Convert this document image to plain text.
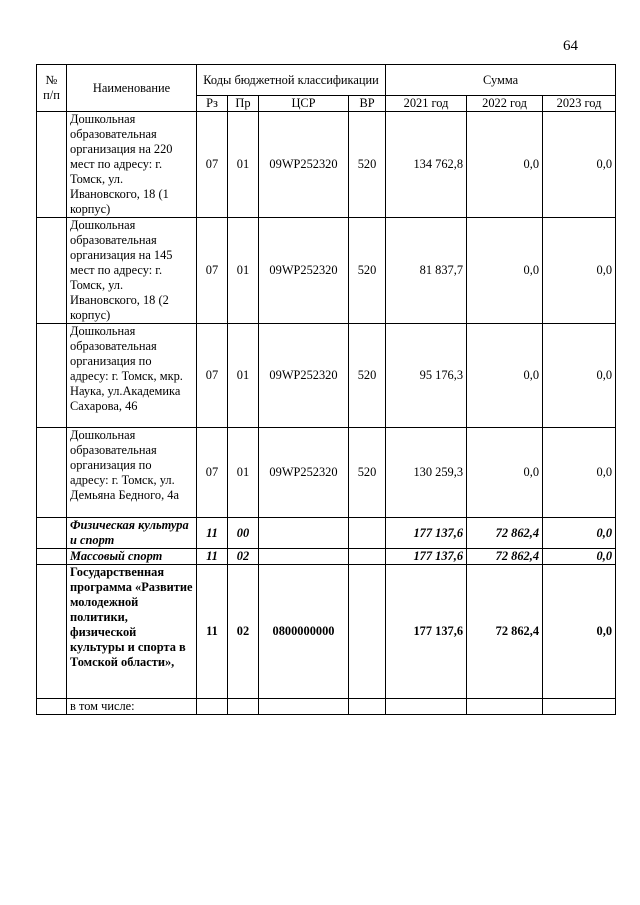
64
№ п/п	Наименование	Коды бюджетной классификации				Сумма		
		Рз	Пр	ЦСР	ВР	2021 год	2022 год	2023 год
	Дошкольная образовательная организация на 220 мест по адресу: г. Томск, ул. Ивановского, 18 (1 корпус)	07	01	09WP252320	520	134 762,8	0,0	0,0
	Дошкольная образовательная организация на 145 мест по адресу: г. Томск, ул. Ивановского, 18 (2 корпус)	07	01	09WP252320	520	81 837,7	0,0	0,0
	Дошкольная образовательная организация по адресу: г. Томск, мкр. Наука, ул.Академика Сахарова, 46	07	01	09WP252320	520	95 176,3	0,0	0,0
	Дошкольная образовательная организация по адресу: г. Томск, ул. Демьяна Бедного, 4а	07	01	09WP252320	520	130 259,3	0,0	0,0
	Физическая культура и спорт	11	00			177 137,6	72 862,4	0,0
	Массовый спорт	11	02			177 137,6	72 862,4	0,0
	Государственная программа «Развитие молодежной политики, физической культуры и спорта в Томской области»,	11	02	0800000000		177 137,6	72 862,4	0,0
	в том числе:							
